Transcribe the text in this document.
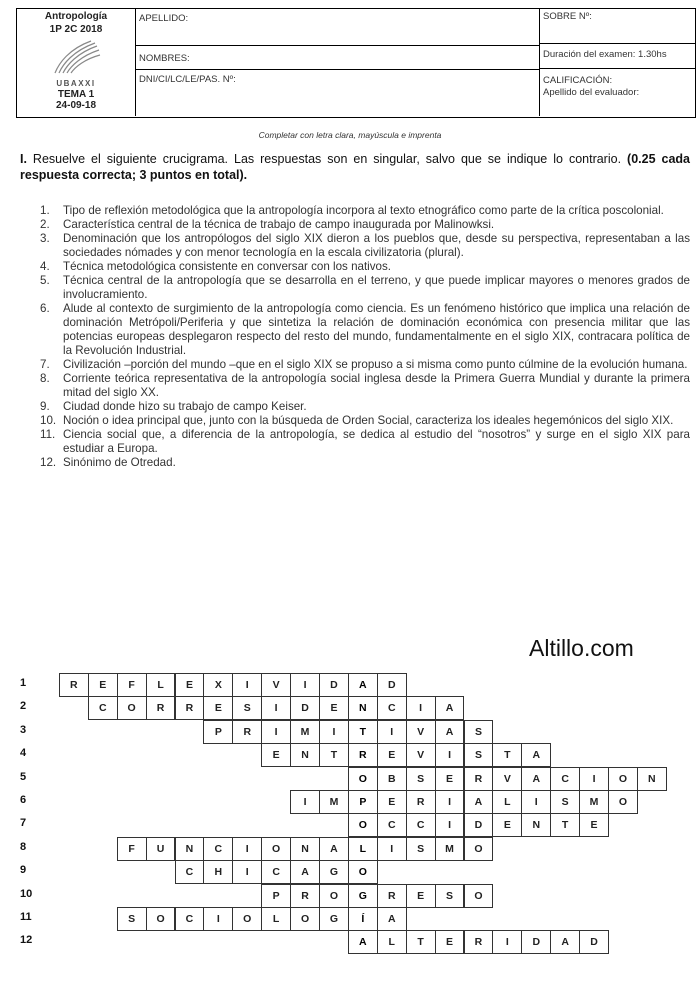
Antropología
1P 2C 2018
UBAXXI
TEMA 1
24-09-18
APELLIDO:
NOMBRES:
DNI/CI/LC/LE/PAS. Nº:
SOBRE Nº:
Duración del examen: 1.30hs
CALIFICACIÓN:
Apellido del evaluador:
Completar con letra clara, mayúscula e imprenta
I. Resuelve el siguiente crucigrama. Las respuestas son en singular, salvo que se indique lo contrario. (0.25 cada respuesta correcta; 3 puntos en total).
1. Tipo de reflexión metodológica que la antropología incorpora al texto etnográfico como parte de la crítica poscolonial.
2. Característica central de la técnica de trabajo de campo inaugurada por Malinowksi.
3. Denominación que los antropólogos del siglo XIX dieron a los pueblos que, desde su perspectiva, representaban a las sociedades nómades y con menor tecnología en la escala civilizatoria (plural).
4. Técnica metodológica consistente en conversar con los nativos.
5. Técnica central de la antropología que se desarrolla en el terreno, y que puede implicar mayores o menores grados de involucramiento.
6. Alude al contexto de surgimiento de la antropología como ciencia. Es un fenómeno histórico que implica una relación de dominación Metrópoli/Periferia y que sintetiza la relación de dominación económica con presencia militar que las potencias europeas desplegaron respecto del resto del mundo, fundamentalmente en el siglo XIX, contracara política de la Revolución Industrial.
7. Civilización –porción del mundo –que en el siglo XIX se propuso a si misma como punto cúlmine de la evolución humana.
8. Corriente teórica representativa de la antropología social inglesa desde la Primera Guerra Mundial y durante la primera mitad del siglo XX.
9. Ciudad donde hizo su trabajo de campo Keiser.
10. Noción o idea principal que, junto con la búsqueda de Orden Social, caracteriza los ideales hegemónicos del siglo XIX.
11. Ciencia social que, a diferencia de la antropología, se dedica al estudio del “nosotros” y surge en el siglo XIX para estudiar a Europa.
12. Sinónimo de Otredad.
Altillo.com
1	R	E	F	L	E	X	I	V	I	D	A	D
2	C	O	R	R	E	S	I	D	E	N	C	I	A
3	P	R	I	M	I	T	I	V	A	S
4	E	N	T	R	E	V	I	S	T	A
5	O	B	S	E	R	V	A	C	I	O	N
6	I	M	P	E	R	I	A	L	I	S	M	O
7	O	C	C	I	D	E	N	T	E
8	F	U	N	C	I	O	N	A	L	I	S	M	O
9	C	H	I	C	A	G	O
10	P	R	O	G	R	E	S	O
11	S	O	C	I	O	L	O	G	Í	A
12	A	L	T	E	R	I	D	A	D
